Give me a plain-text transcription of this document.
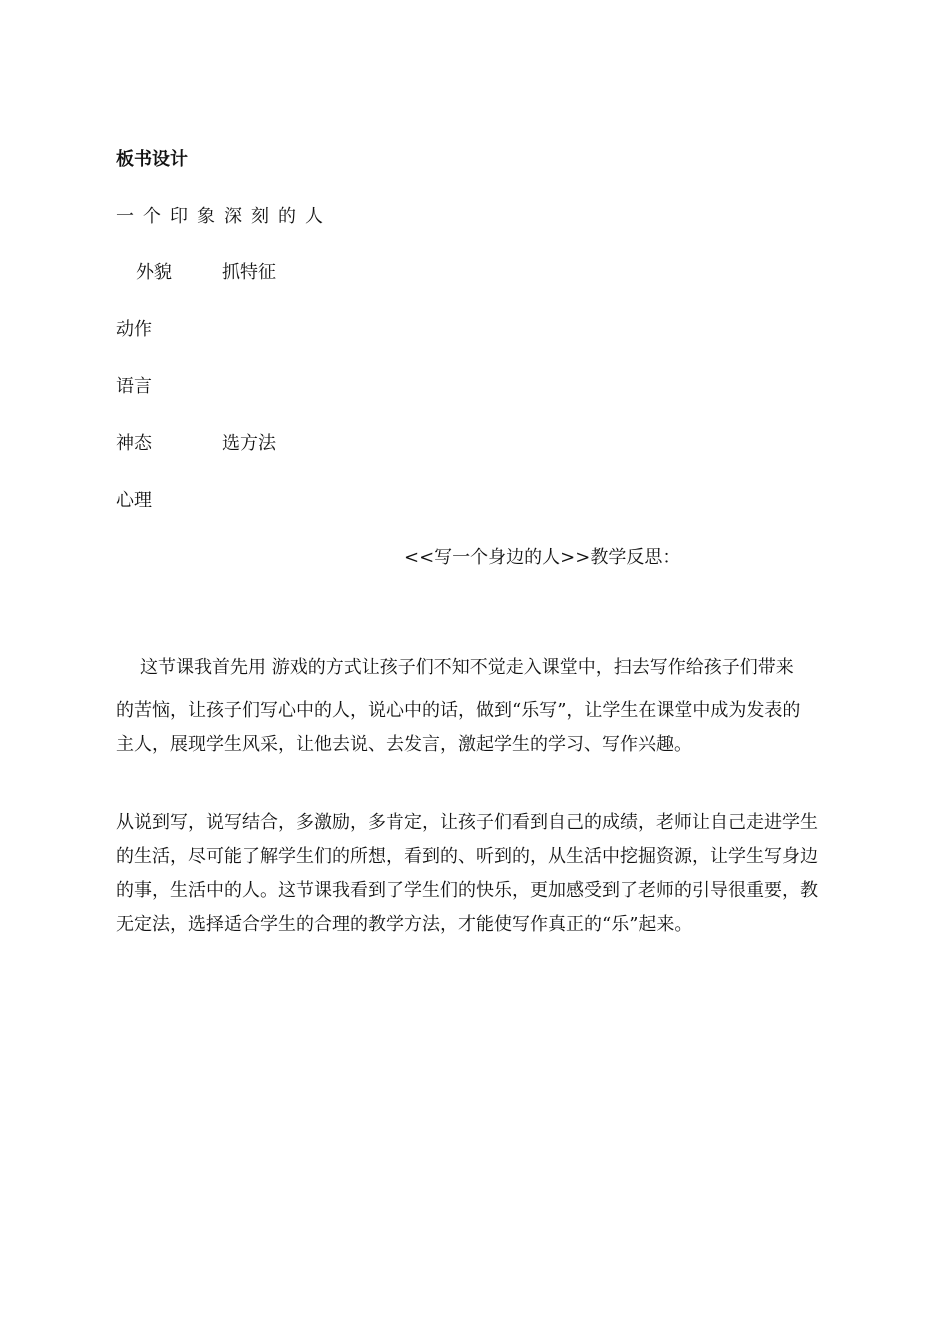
板书设计
一个印象深刻的人
外貌	抓特征
动作
语言
神态	选方法
心理
<<写一个身边的人>>教学反思：
这节课我首先用 游戏的方式让孩子们不知不觉走入课堂中，扫去写作给孩子们带来
的苦恼，让孩子们写心中的人，说心中的话，做到“乐写”，让学生在课堂中成为发表的
主人，展现学生风采，让他去说、去发言，激起学生的学习、写作兴趣。
从说到写，说写结合，多激励，多肯定，让孩子们看到自己的成绩，老师让自己走进学生
的生活，尽可能了解学生们的所想，看到的、听到的，从生活中挖掘资源，让学生写身边
的事，生活中的人。这节课我看到了学生们的快乐，更加感受到了老师的引导很重要，教
无定法，选择适合学生的合理的教学方法，才能使写作真正的“乐”起来。
